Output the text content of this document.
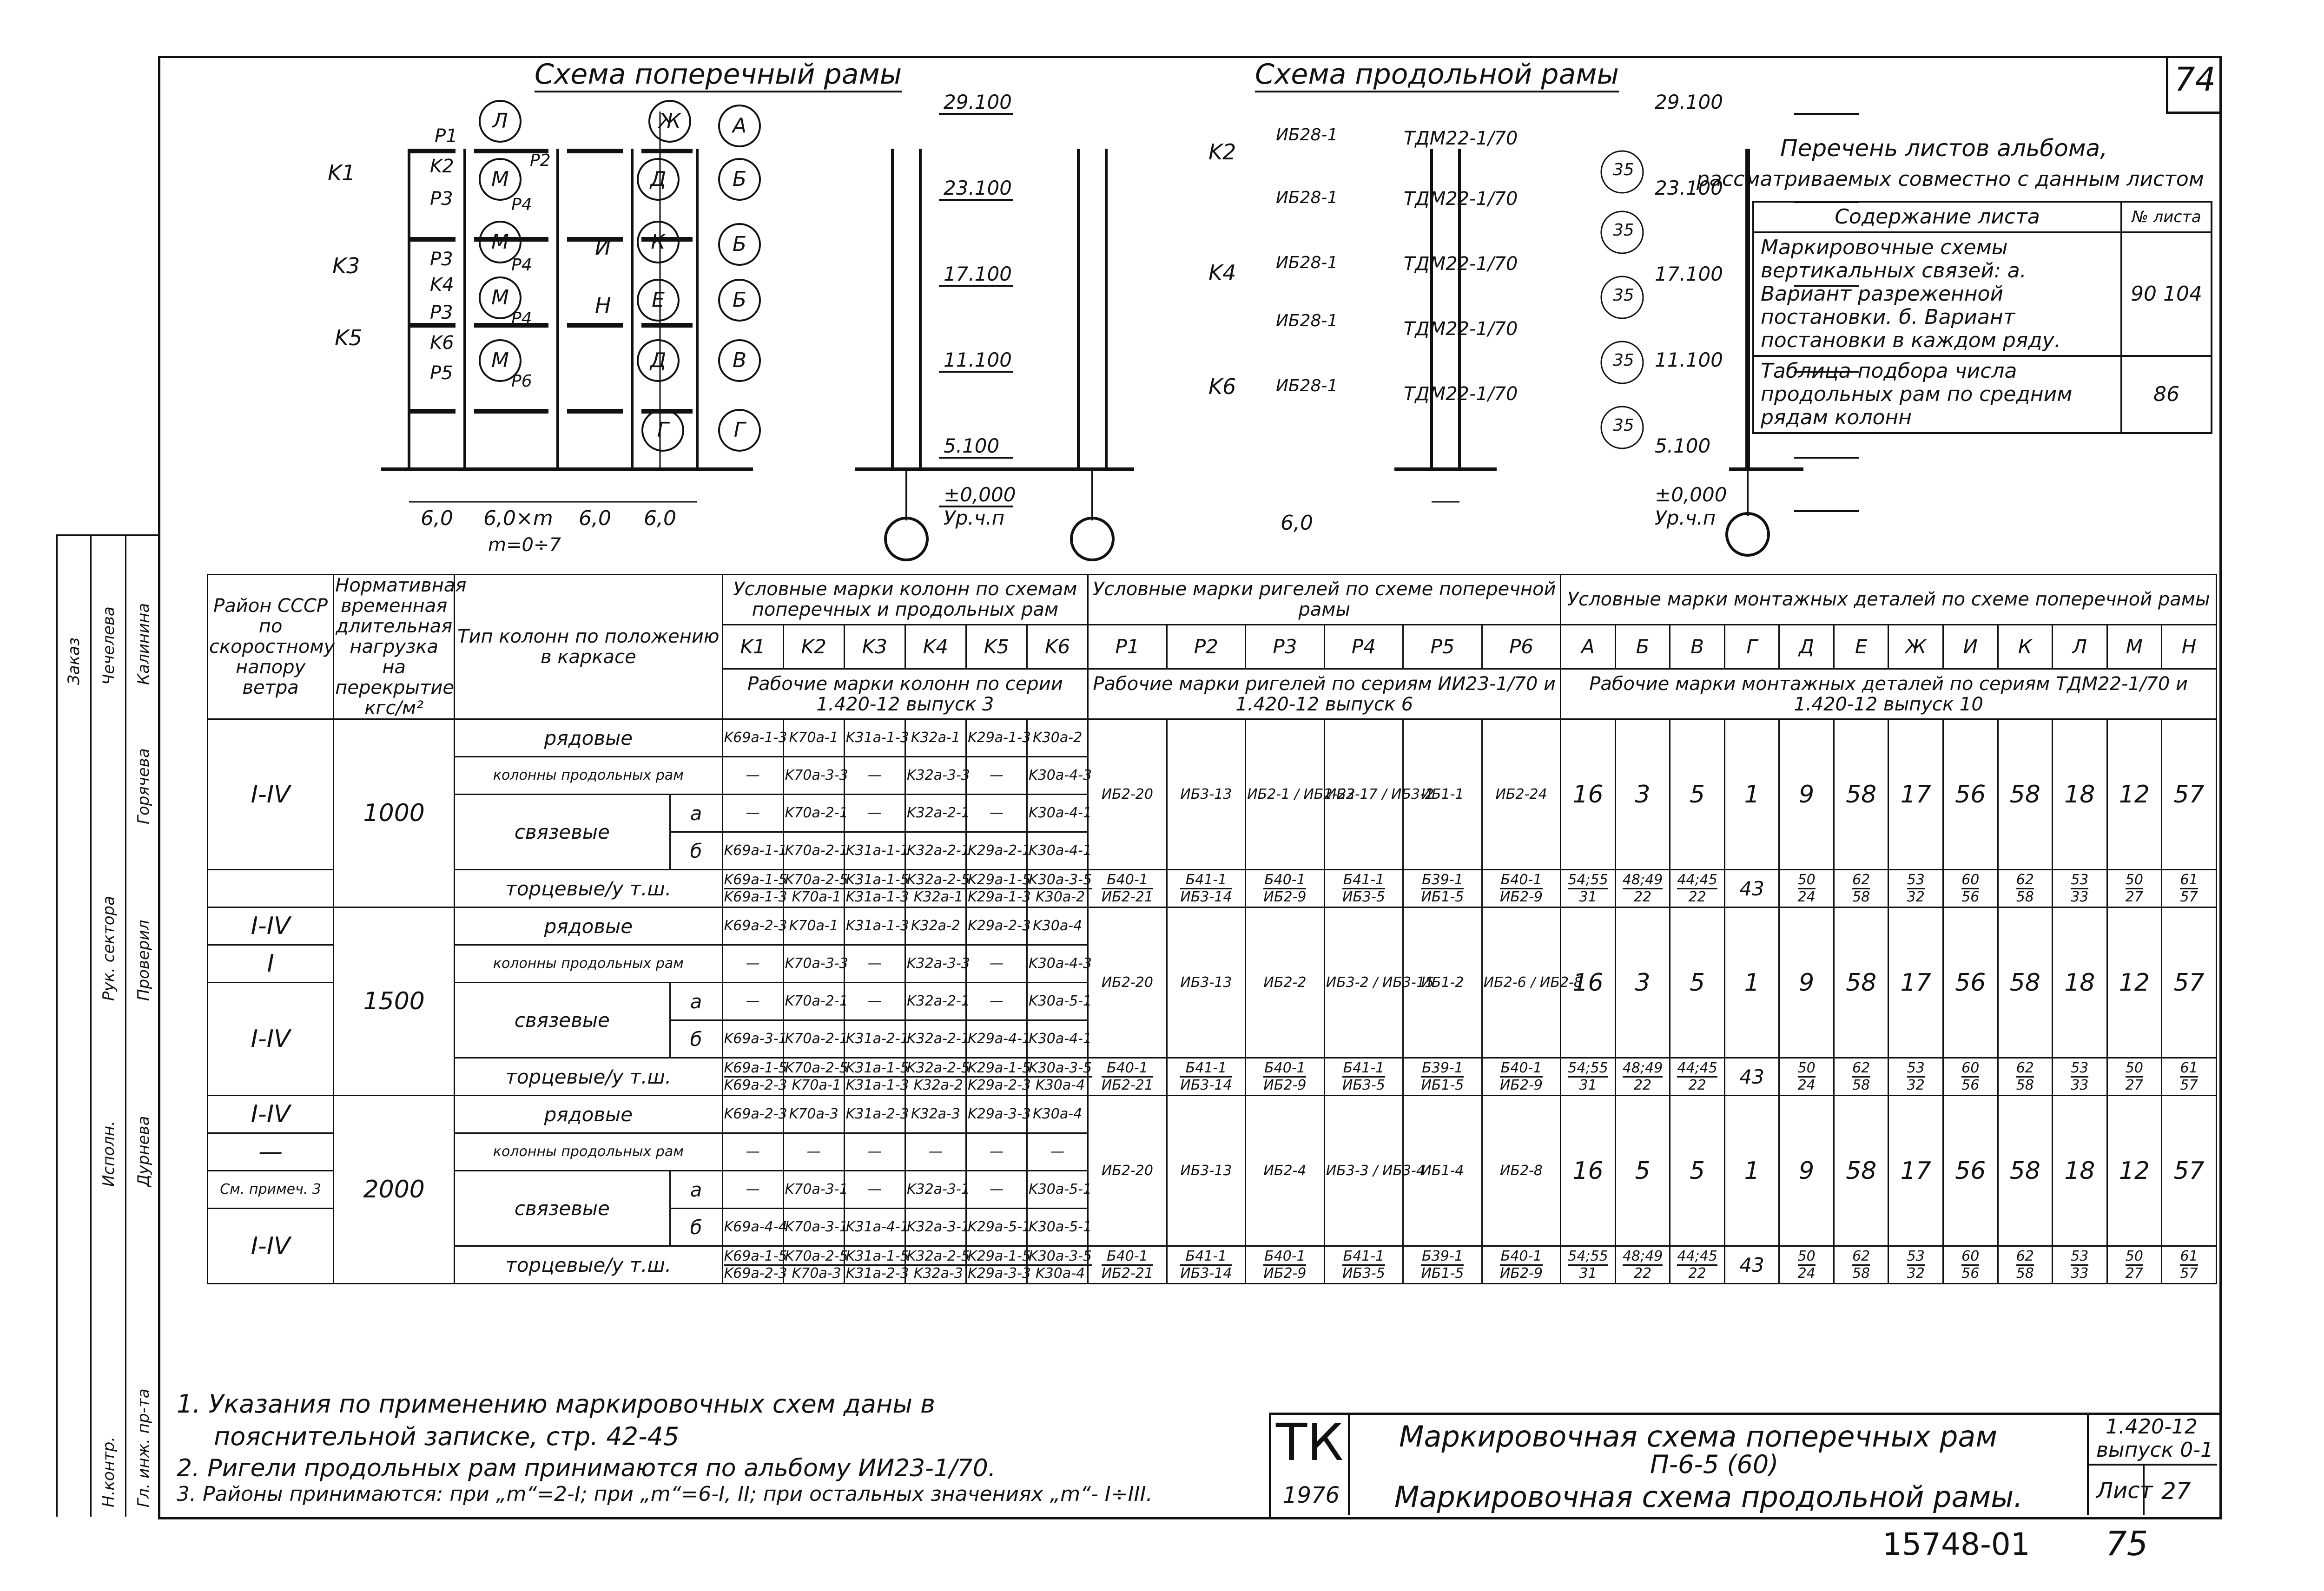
74
Заказ Чечелева Калинина
Горячева
Рук. сектора Проверил
Исполн. Дурнева
Н.контр. Гл. инж. пр-та
Схема поперечный рамы	Схема продольной рамы
K1
K3
K5
P1
K2
P3
P3
K4
P3
K6
P5
P2
P4
P4
P4
P6
Л
М
М
М
М
И
Н
Ж
Д
К
Е
Д
Г
А
Б
Б
Б
В
Г
6,0 6,0×m 6,0 6,0
m=0÷7
29.100
23.100
17.100
11.100
5.100
±0,000
Ур.ч.п
K2
K4
K6
ИБ28-1
ИБ28-1
ИБ28-1
ИБ28-1
ИБ28-1
35
35
35
35
35
ТДМ22-1/70
ТДМ22-1/70
ТДМ22-1/70
ТДМ22-1/70
ТДМ22-1/70
6,0
29.100
23.100
17.100
11.100
5.100
±0,000
Ур.ч.п
Перечень листов альбома,
рассматриваемых совместно с данным листом
Содержание листа	№ листа
Маркировочные схемы вертикальных связей: а. Вариант разреженной постановки. б. Вариант постановки в каждом ряду.	90 104
Таблица подбора числа продольных рам по средним рядам колонн	86
Район СССР по скоростному напору ветра	Нормативная временная длительная нагрузка на перекрытие кгс/м²	Тип колонн по положению в каркасе		Условные марки колонн по схемам поперечных и продольных рам						Условные марки ригелей по схеме поперечной рамы						Условные марки монтажных деталей по схеме поперечной рамы											
				K1	K2	K3	K4	K5	K6	P1	P2	P3	P4	P5	P6	А	Б	В	Г	Д	Е	Ж	И	К	Л	М	Н
				Рабочие марки колонн по серии 1.420-12 выпуск 3						Рабочие марки ригелей по сериям ИИ23-1/70 и 1.420-12 выпуск 6						Рабочие марки монтажных деталей по сериям ТДМ22-1/70 и 1.420-12 выпуск 10											
I-IV	1000	рядовые		K69а-1-3	K70а-1	K31а-1-3	K32а-1	K29а-1-3	K30а-2	ИБ2-20	ИБ3-13	ИБ2-1 / ИБ2-22	ИБ3-17 / ИБ3-2	ИБ1-1	ИБ2-24	16	3	5	1	9	58	17	56	58	18	12	57
		колонны продольных рам		—	K70а-3-3	—	K32а-3-3	—	K30а-4-3																		
		связевые	а	—	K70а-2-1	—	K32а-2-1	—	K30а-4-1																		
			б	K69а-1-1	K70а-2-1	K31а-1-1	K32а-2-1	K29а-2-1	K30а-4-1																		
		торцевые/у т.ш.		$\frac{K69а-1-5}{K69а-1-3}$	$\frac{K70а-2-5}{K70а-1}$	$\frac{K31а-1-5}{K31а-1-3}$	$\frac{K32а-2-5}{K32а-1}$	$\frac{K29а-1-5}{K29а-1-3}$	$\frac{K30а-3-5}{K30а-2}$	$\frac{Б40-1}{ИБ2-21}$	$\frac{Б41-1}{ИБ3-14}$	$\frac{Б40-1}{ИБ2-9}$	$\frac{Б41-1}{ИБ3-5}$	$\frac{Б39-1}{ИБ1-5}$	$\frac{Б40-1}{ИБ2-9}$	$\frac{54;55}{31}$	$\frac{48;49}{22}$	$\frac{44;45}{22}$	43	$\frac{50}{24}$	$\frac{62}{58}$	$\frac{53}{32}$	$\frac{60}{56}$	$\frac{62}{58}$	$\frac{53}{33}$	$\frac{50}{27}$	$\frac{61}{57}$

I-IV	1500	рядовые		K69а-2-3	K70а-1	K31а-1-3	K32а-2	K29а-2-3	K30а-4	ИБ2-20	ИБ3-13	ИБ2-2	ИБ3-2 / ИБ3-15	ИБ1-2	ИБ2-6 / ИБ2-8	16	3	5	1	9	58	17	56	58	18	12	57
I		колонны продольных рам		—	K70а-3-3	—	K32а-3-3	—	K30а-4-3																		
I-IV		связевые	а	—	K70а-2-1	—	K32а-2-1	—	K30а-5-1																		
			б	K69а-3-1	K70а-2-1	K31а-2-1	K32а-2-1	K29а-4-1	K30а-4-1																		
		торцевые/у т.ш.		$\frac{K69а-1-5}{K69а-2-3}$	$\frac{K70а-2-5}{K70а-1}$	$\frac{K31а-1-5}{K31а-1-3}$	$\frac{K32а-2-5}{K32а-2}$	$\frac{K29а-1-5}{K29а-2-3}$	$\frac{K30а-3-5}{K30а-4}$	$\frac{Б40-1}{ИБ2-21}$	$\frac{Б41-1}{ИБ3-14}$	$\frac{Б40-1}{ИБ2-9}$	$\frac{Б41-1}{ИБ3-5}$	$\frac{Б39-1}{ИБ1-5}$	$\frac{Б40-1}{ИБ2-9}$	$\frac{54;55}{31}$	$\frac{48;49}{22}$	$\frac{44;45}{22}$	43	$\frac{50}{24}$	$\frac{62}{58}$	$\frac{53}{32}$	$\frac{60}{56}$	$\frac{62}{58}$	$\frac{53}{33}$	$\frac{50}{27}$	$\frac{61}{57}$

I-IV	2000	рядовые		K69а-2-3	K70а-3	K31а-2-3	K32а-3	K29а-3-3	K30а-4	ИБ2-20	ИБ3-13	ИБ2-4	ИБ3-3 / ИБ3-4	ИБ1-4	ИБ2-8	16	5	5	1	9	58	17	56	58	18	12	57
—		колонны продольных рам		—	—	—	—	—	—																		
См. примеч. 3		связевые	а	—	K70а-3-1	—	K32а-3-1	—	K30а-5-1																		
I-IV			б	K69а-4-4	K70а-3-1	K31а-4-1	K32а-3-1	K29а-5-1	K30а-5-1																		
		торцевые/у т.ш.		$\frac{K69а-1-5}{K69а-2-3}$	$\frac{K70а-2-5}{K70а-3}$	$\frac{K31а-1-5}{K31а-2-3}$	$\frac{K32а-2-5}{K32а-3}$	$\frac{K29а-1-5}{K29а-3-3}$	$\frac{K30а-3-5}{K30а-4}$	$\frac{Б40-1}{ИБ2-21}$	$\frac{Б41-1}{ИБ3-14}$	$\frac{Б40-1}{ИБ2-9}$	$\frac{Б41-1}{ИБ3-5}$	$\frac{Б39-1}{ИБ1-5}$	$\frac{Б40-1}{ИБ2-9}$	$\frac{54;55}{31}$	$\frac{48;49}{22}$	$\frac{44;45}{22}$	43	$\frac{50}{24}$	$\frac{62}{58}$	$\frac{53}{32}$	$\frac{60}{56}$	$\frac{62}{58}$	$\frac{53}{33}$	$\frac{50}{27}$	$\frac{61}{57}$
1. Указания по применению маркировочных схем даны в
пояснительной записке, стр. 42-45
2. Ригели продольных рам принимаются по альбому ИИ23-1/70.
3. Районы принимаются: при „m“=2-I; при „m“=6-I, II; при остальных значениях „m“- I÷III.
ТК
1976
Маркировочная схема поперечных рам
П-6-5 (60)
Маркировочная схема продольной рамы.
1.420-12
выпуск 0-1
Лист 27
15748-01 75
